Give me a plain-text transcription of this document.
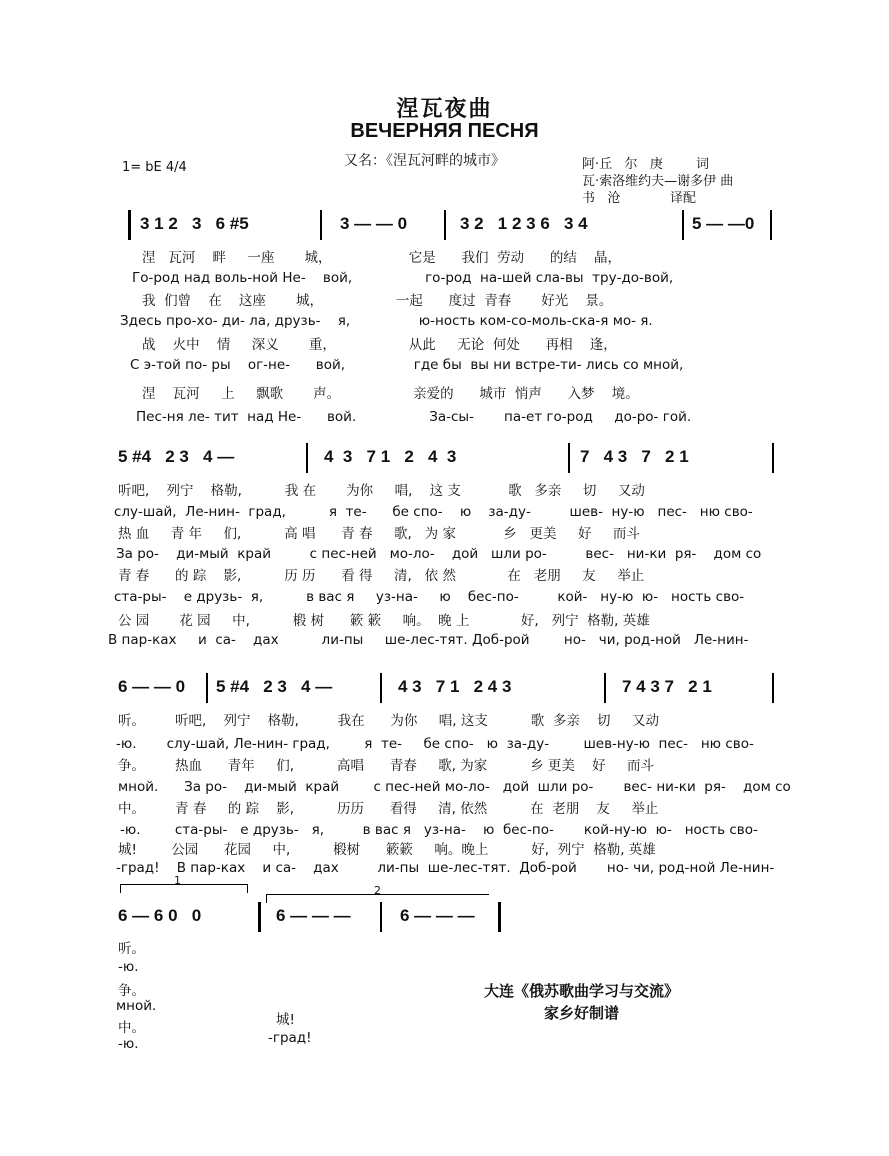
涅瓦夜曲
ВЕЧЕРНЯЯ ПЕСНЯ
又名：《涅瓦河畔的城市》	阿·丘   尔   庚        词
瓦·索洛维约夫—谢多伊 曲
书   沧            译配
1= bE 4/4
3 1 2   3   6 #5	3 — — 0	3 2   1 2 3 6   3 4	5 — —0
5 #4   2 3   4 —	4  3   7 1   2   4  3	7   4 3   7   2 1
6 — — 0 5 #4   2 3   4 —	4 3   7 1   2 4 3	7 4 3 7   2 1
6 — 6 0   0	6 — — —	6 — — —
涅   瓦河    畔     一座       城，                  它是      我们  劳动      的结    晶，
Го-род над воль-ной Не-    вой,                 го-род  на-шей сла-вы  тру-до-вой,
我  们曾    在    这座       城，                 一起      度过  青春       好光    景。
Здесь про-хо- ди- ла, друзь-    я,                ю-ность ком-со-моль-ска-я мо- я.
战    火中    情     深义       重，                 从此     无论  何处      再相    逢，
С э-той по- ры    ог-не-      вой,                где бы  вы ни встре-ти- лись со мной,
涅    瓦河     上     飘歌       声。                 亲爱的      城市  悄声      入梦    境。
Пес-ня ле- тит  над Не-      вой.                 За-сы-       па-ет го-род     до-ро- гой.
听吧,    列宁    格勒,          我 在       为你     唱,    这 支           歌   多亲     切     又动
слу-шай,  Ле-нин-  град,          я  те-      бе спо-    ю    за-ду-         шев-  ну-ю   пес-   ню сво-
热 血     青 年     们,          高 唱      青 春     歌,   为 家           乡   更美     好     而斗
За ро-    ди-мый  край         с пес-ней   мо-ло-    дой   шли ро-         вес-   ни-ки  ря-    дом со
青 春      的 踪    影,          历 历      看 得     清,   依 然            在   老朋     友     举止
ста-ры-    е друзь-  я,          в вас я     уз-на-     ю    бес-по-         кой-   ну-ю  ю-   ность сво-
公 园       花 园     中,          椴 树      簌 簌     响。  晚 上            好,   列宁  格勒, 英雄
В пар-ках     и  са-    дах          ли-пы     ше-лес-тят. Доб-рой        но-   чи, род-ной   Ле-нин-
听。       听吧,    列宁    格勒,         我在      为你     唱, 这支          歌  多亲    切     又动
-ю.       слу-шай, Ле-нин- град,        я  те-     бе спо-   ю  за-ду-        шев-ну-ю  пес-   ню сво-
争。       热血      青年     们,          高唱      青春     歌, 为家          乡 更美    好     而斗
мной.      За ро-    ди-мый  край        с пес-ней мо-ло-   дой  шли ро-       вес- ни-ки  ря-    дом со
中。       青 春     的 踪    影,          历历      看得     清, 依然          在  老朋    友     举止
-ю.        ста-ры-   е друзь-   я,         в вас я   уз-на-    ю  бес-по-       кой-ну-ю  ю-   ность сво-
城!        公园      花园     中,          椴树      簌簌     响。晚上          好,  列宁  格勒, 英雄
-град!    В пар-ках    и са-    дах         ли-пы  ше-лес-тят.  Доб-рой       но- чи, род-ной Ле-нин-
听。
-ю.
争。
мной.
中。
-ю.
城!
-град!
1
2
大连《俄苏歌曲学习与交流》
家乡好制谱
